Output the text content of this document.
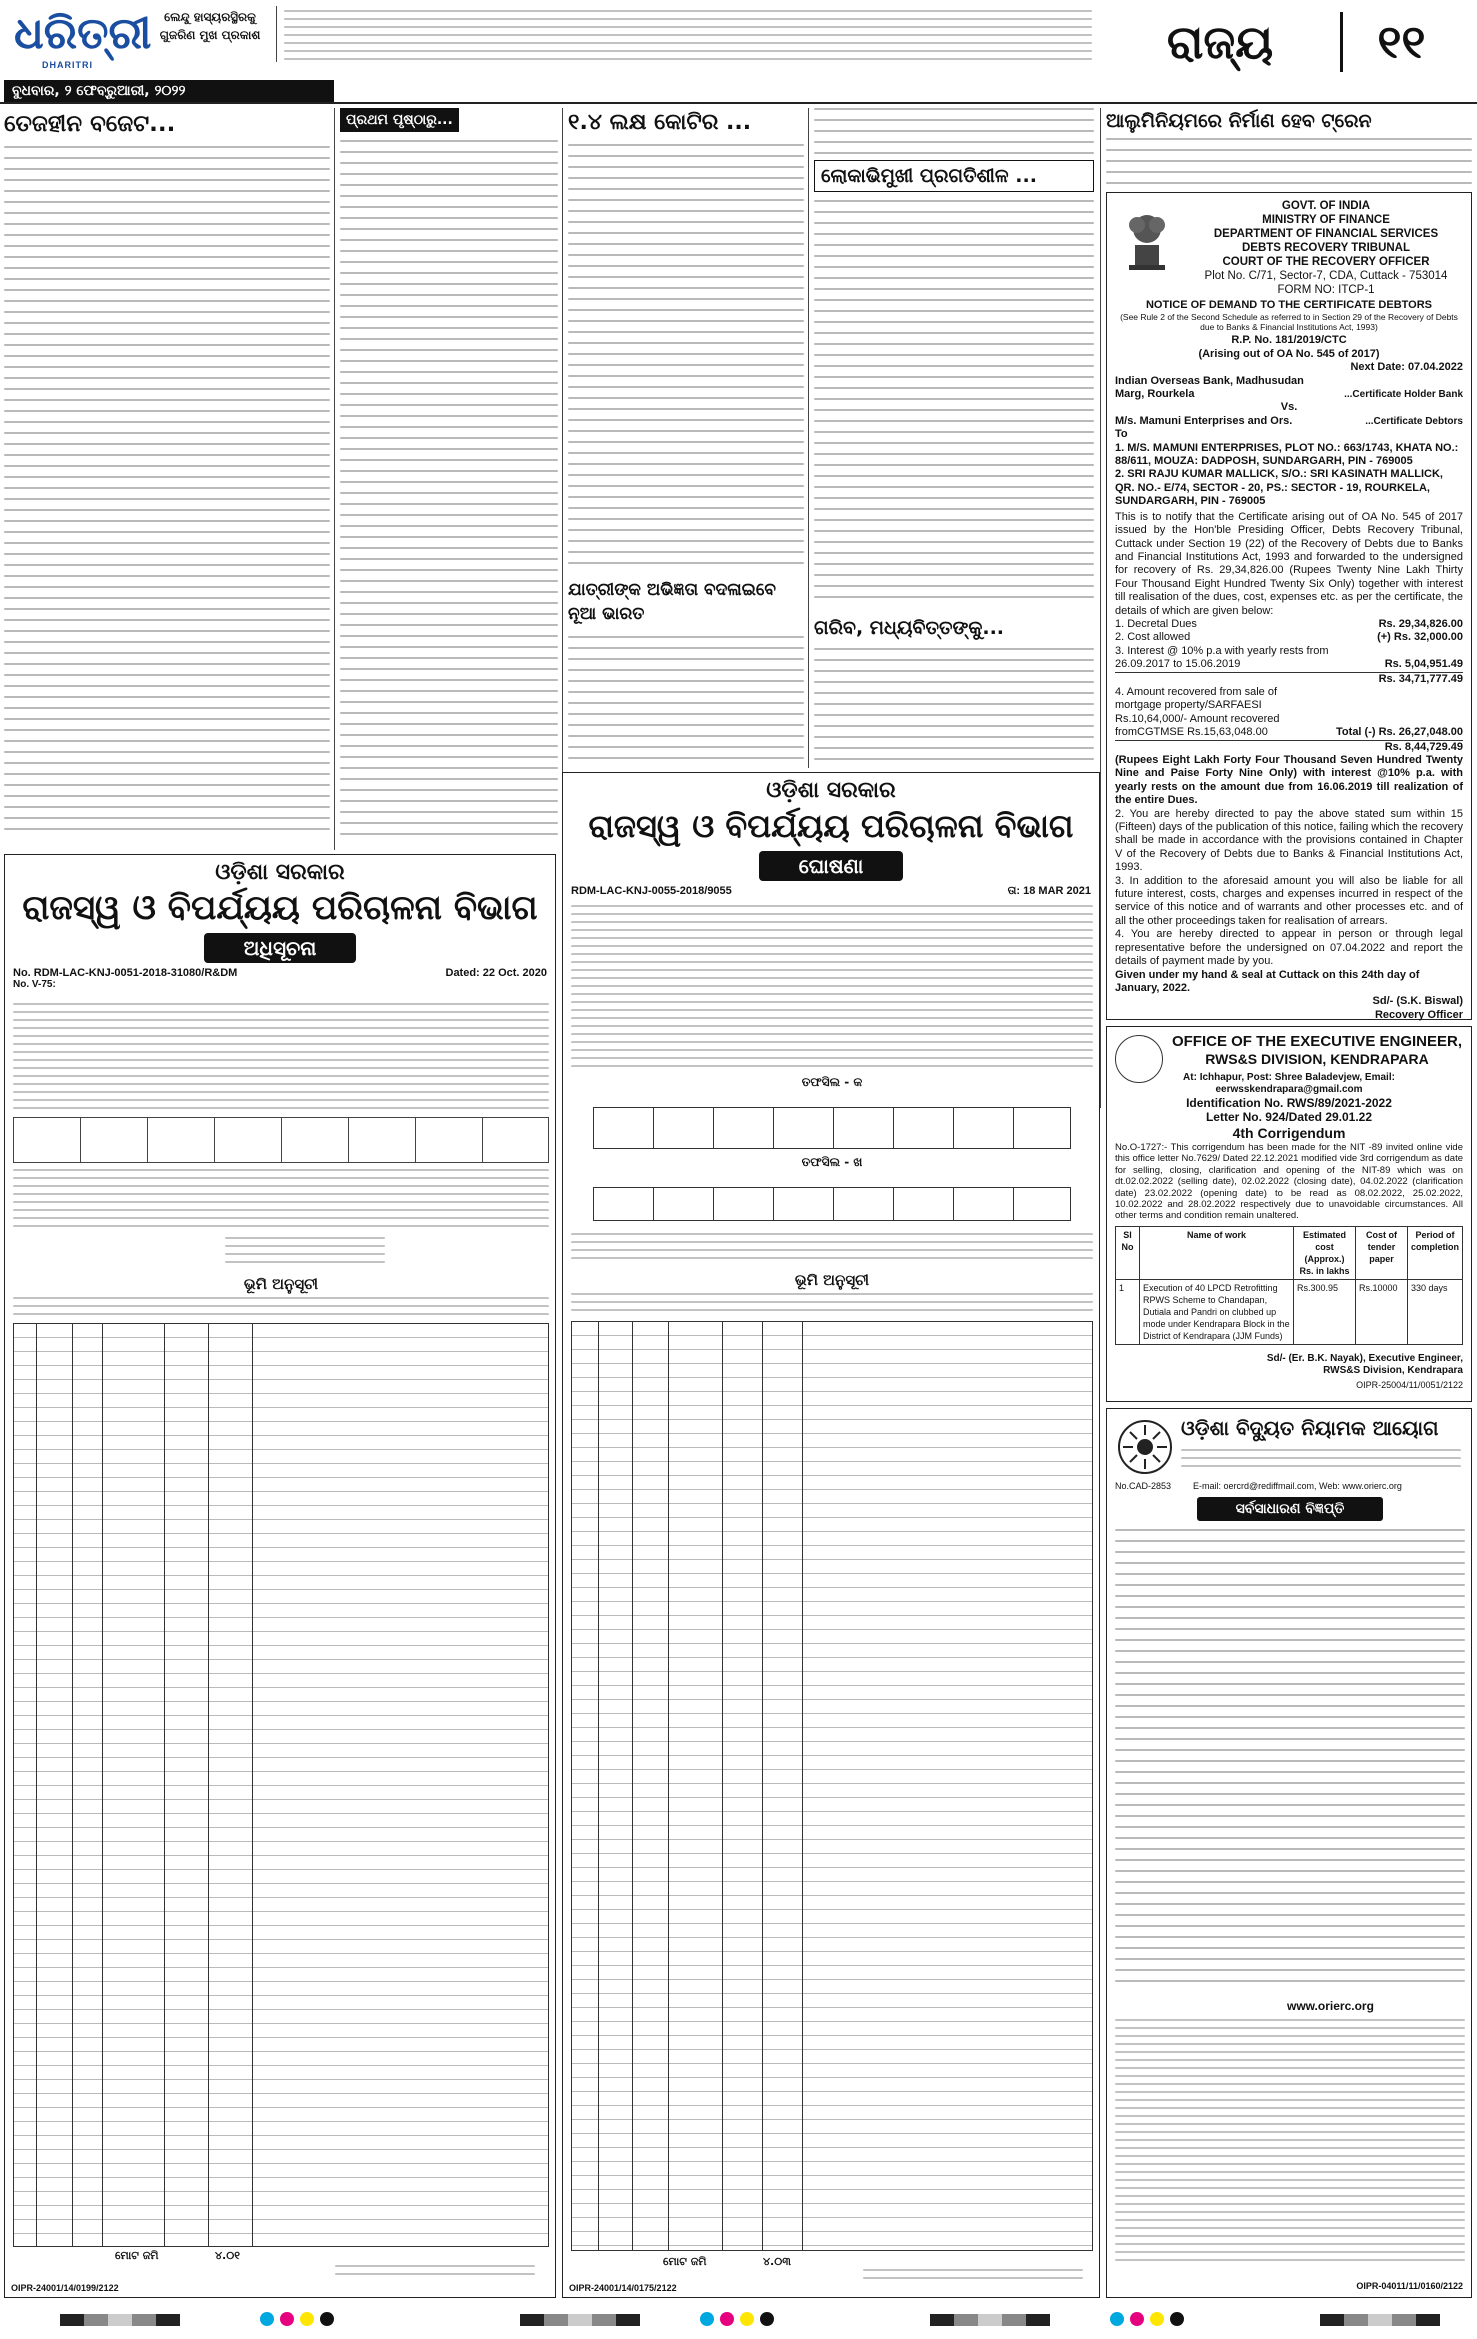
ଧରିତ୍ରୀ
DHARITRI
ଲେନ୍ଦୁ ହାସ୍ୟରସ୍ଥିରକୁ ଗୁଜରିଣ ମୁଖ ପ୍ରକାଶ	ରାଜ୍ୟ	୧୧
ବୁଧବାର, ୨ ଫେବ୍ରୁଆରୀ, ୨୦୨୨
ତେଜହୀନ ବଜେଟ...	ପ୍ରଥମ ପୃଷ୍ଠାରୁ...	୧.୪ ଲକ୍ଷ କୋଟିର ...
ଯାତ୍ରୀଙ୍କ ଅଭିଜ୍ଞତା ବଦଳାଇବେ ନୂଆ ଭାରତ
ଲୋକାଭିମୁଖୀ ପ୍ରଗତିଶୀଳ ...
ଗରିବ, ମଧ୍ୟବିତ୍ତଙ୍କୁ...
ଆଲୁମିନିୟମରେ ନିର୍ମାଣ ହେବ ଟ୍ରେନ
GOVT. OF INDIA
MINISTRY OF FINANCE
DEPARTMENT OF FINANCIAL SERVICES
DEBTS RECOVERY TRIBUNAL
COURT OF THE RECOVERY OFFICER
Plot No. C/71, Sector-7, CDA, Cuttack - 753014
FORM NO: ITCP-1
NOTICE OF DEMAND TO THE CERTIFICATE DEBTORS
(See Rule 2 of the Second Schedule as referred to in Section 29 of the Recovery of Debts due to Banks & Financial Institutions Act, 1993)
R.P. No. 181/2019/CTC
(Arising out of OA No. 545 of 2017)
Next Date: 07.04.2022
Indian Overseas Bank, Madhusudan Marg, Rourkela	...Certificate Holder Bank
Vs.
M/s. Mamuni Enterprises and Ors.	...Certificate Debtors
To
1. M/S. MAMUNI ENTERPRISES, PLOT NO.: 663/1743, KHATA NO.: 88/611, MOUZA: DADPOSH, SUNDARGARH, PIN - 769005
2. SRI RAJU KUMAR MALLICK, S/O.: SRI KASINATH MALLICK, QR. NO.- E/74, SECTOR - 20, PS.: SECTOR - 19, ROURKELA, SUNDARGARH, PIN - 769005
This is to notify that the Certificate arising out of OA No. 545 of 2017 issued by the Hon'ble Presiding Officer, Debts Recovery Tribunal, Cuttack under Section 19 (22) of the Recovery of Debts due to Banks and Financial Institutions Act, 1993 and forwarded to the undersigned for recovery of Rs. 29,34,826.00 (Rupees Twenty Nine Lakh Thirty Four Thousand Eight Hundred Twenty Six Only) together with interest till realisation of the dues, cost, expenses etc. as per the certificate, the details of which are given below:
1. Decretal Dues	Rs. 29,34,826.00
2. Cost allowed	(+) Rs. 32,000.00
3. Interest @ 10% p.a with yearly rests from 26.09.2017 to 15.06.2019	Rs. 5,04,951.49
Rs. 34,71,777.49
4. Amount recovered from sale of mortgage property/SARFAESI Rs.10,64,000/- Amount recovered fromCGTMSE Rs.15,63,048.00	Total (-) Rs. 26,27,048.00
Rs. 8,44,729.49
(Rupees Eight Lakh Forty Four Thousand Seven Hundred Twenty Nine and Paise Forty Nine Only) with interest @10% p.a. with yearly rests on the amount due from 16.06.2019 till realization of the entire Dues.
2. You are hereby directed to pay the above stated sum within 15 (Fifteen) days of the publication of this notice, failing which the recovery shall be made in accordance with the provisions contained in Chapter V of the Recovery of Debts due to Banks & Financial Institutions Act, 1993.
3. In addition to the aforesaid amount you will also be liable for all future interest, costs, charges and expenses incurred in respect of the service of this notice and of warrants and other processes etc. and of all the other proceedings taken for realisation of arrears.
4. You are hereby directed to appear in person or through legal representative before the undersigned on 07.04.2022 and report the details of payment made by you.
Given under my hand & seal at Cuttack on this 24th day of January, 2022.
Sd/- (S.K. Biswal)
Recovery Officer
OFFICE OF THE EXECUTIVE ENGINEER,
RWS&S DIVISION, KENDRAPARA
At: Ichhapur, Post: Shree Baladevjew, Email: eerwsskendrapara@gmail.com
Identification No. RWS/89/2021-2022
Letter No. 924/Dated 29.01.22
4th Corrigendum
No.O-1727:- This corrigendum has been made for the NIT -89 invited online vide this office letter No.7629/ Dated 22.12.2021 modified vide 3rd corrigendum as date for selling, closing, clarification and opening of the NIT-89 which was on dt.02.02.2022 (selling date), 02.02.2022 (closing date), 04.02.2022 (clarification date) 23.02.2022 (opening date) to be read as 08.02.2022, 25.02.2022, 10.02.2022 and 28.02.2022 respectively due to unavoidable circumstances. All other terms and condition remain unaltered.
Sl No	Name of work	Estimated cost (Approx.) Rs. in lakhs	Cost of tender paper	Period of completion
1	Execution of 40 LPCD Retrofitting RPWS Scheme to Chandapan, Dutiala and Pandri on clubbed up mode under Kendrapara Block in the District of Kendrapara (JJM Funds)	Rs.300.95	Rs.10000	330 days
Sd/- (Er. B.K. Nayak), Executive Engineer,
RWS&S Division, Kendrapara
OIPR-25004/11/0051/2122
ଓଡ଼ିଶା ବିଦ୍ୟୁତ ନିୟାମକ ଆୟୋଗ
No.CAD-2853 E-mail: oercrd@rediffmail.com, Web: www.orierc.org
ସର୍ବସାଧାରଣ ବିଜ୍ଞପ୍ତି
www.orierc.org
OIPR-04011/11/0160/2122
ଓଡ଼ିଶା ସରକାର
ରାଜସ୍ୱ ଓ ବିପର୍ଯ୍ୟୟ ପରିଚାଳନା ବିଭାଗ
ଅଧିସୂଚନା
No. RDM-LAC-KNJ-0051-2018-31080/R&DM	Dated: 22 Oct. 2020
No. V-75:
ଭୂମି ଅନୁସୂଚୀ
ମୋଟ ଜମି	୪.୦୧
OIPR-24001/14/0199/2122
ଓଡ଼ିଶା ସରକାର
ରାଜସ୍ୱ ଓ ବିପର୍ଯ୍ୟୟ ପରିଚାଳନା ବିଭାଗ
ଘୋଷଣା
RDM-LAC-KNJ-0055-2018/9055	ତା: 18 MAR 2021
ତଫସିଲ - କ
ତଫସିଲ - ଖ
ଭୂମି ଅନୁସୂଚୀ
ମୋଟ ଜମି	୪.୦୩
OIPR-24001/14/0175/2122
